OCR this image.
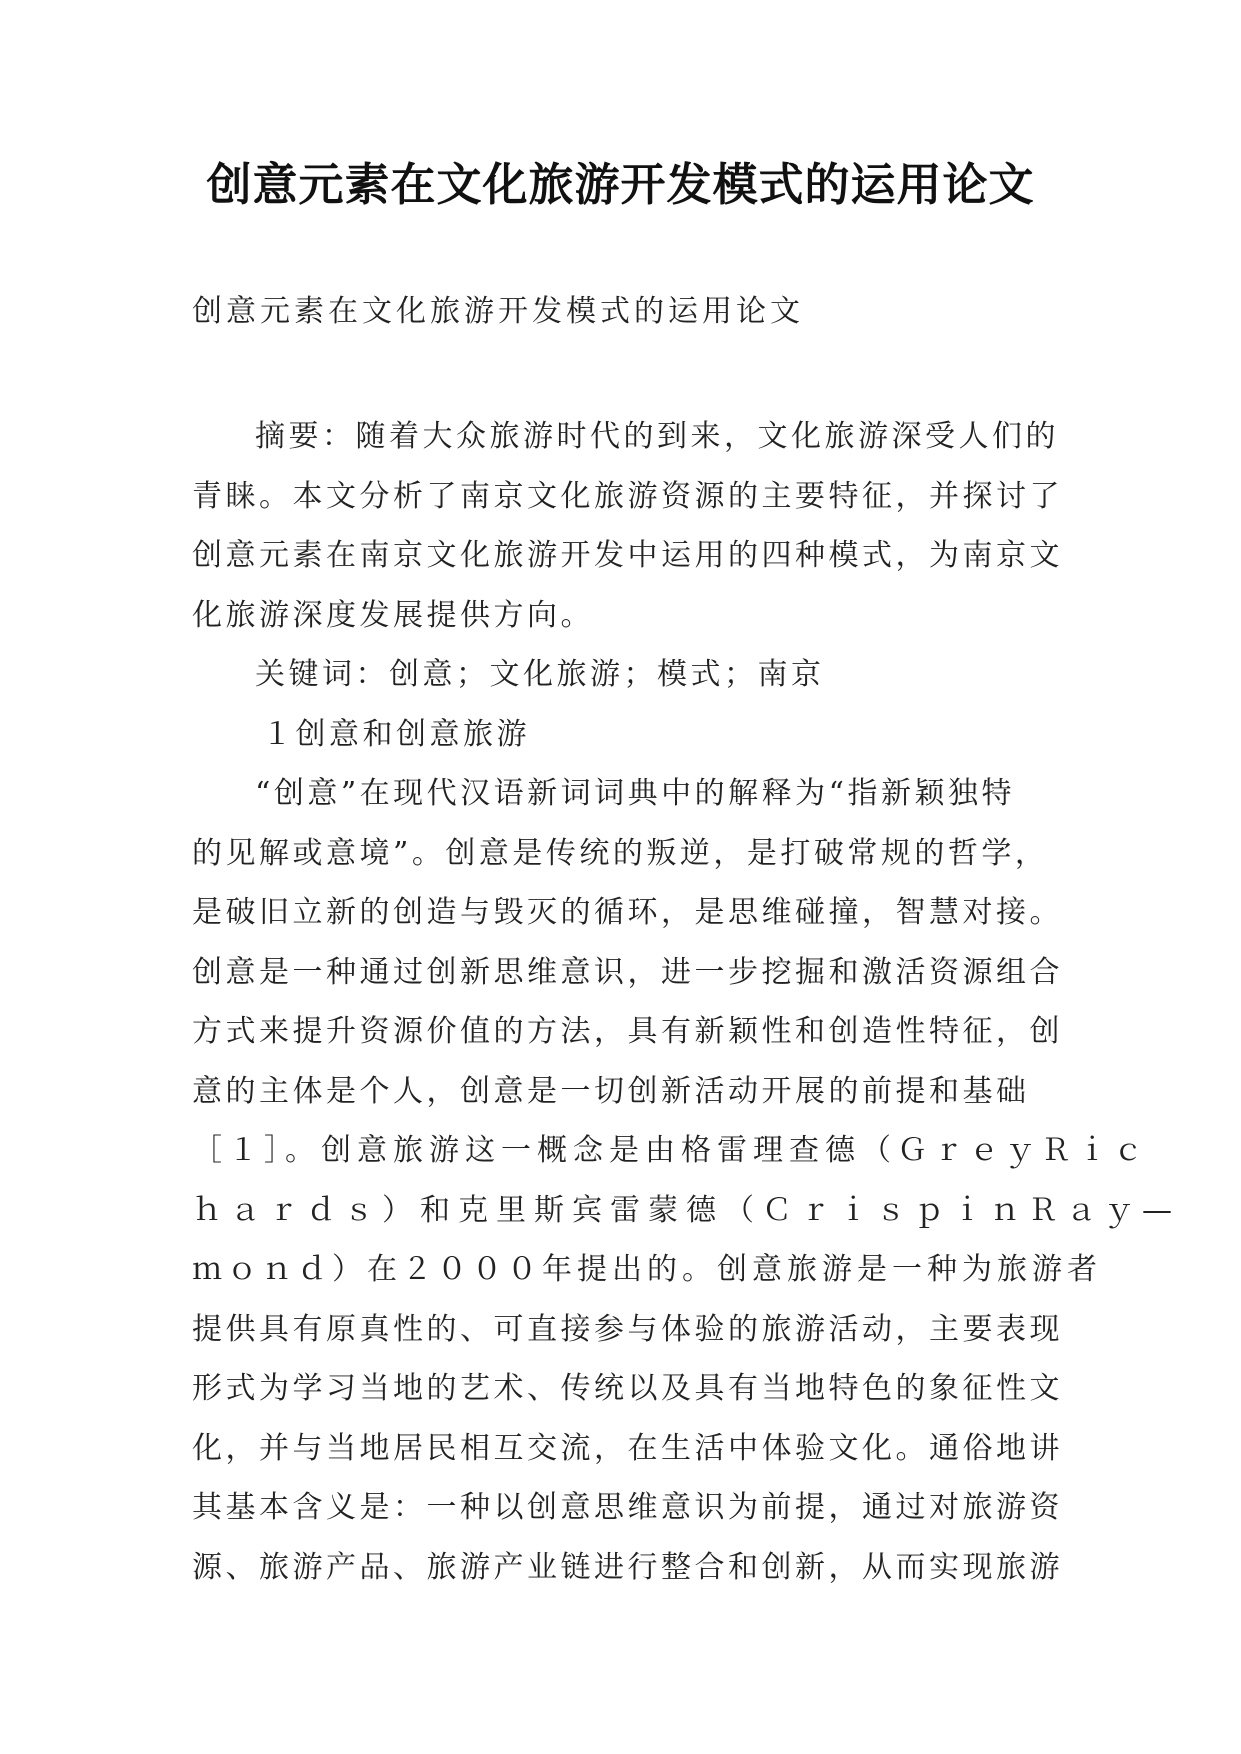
创意元素在文化旅游开发模式的运用论文
创意元素在文化旅游开发模式的运用论文
摘要：随着大众旅游时代的到来，文化旅游深受人们的
青睐。本文分析了南京文化旅游资源的主要特征，并探讨了
创意元素在南京文化旅游开发中运用的四种模式，为南京文
化旅游深度发展提供方向。
关键词：创意；文化旅游；模式；南京
１创意和创意旅游
“创意”在现代汉语新词词典中的解释为“指新颖独特
的见解或意境”。创意是传统的叛逆，是打破常规的哲学，
是破旧立新的创造与毁灭的循环，是思维碰撞，智慧对接。
创意是一种通过创新思维意识，进一步挖掘和激活资源组合
方式来提升资源价值的方法，具有新颖性和创造性特征，创
意的主体是个人，创意是一切创新活动开展的前提和基础
［１］。创意旅游这一概念是由格雷理查德（ＧｒｅｙＲｉｃ
ｈａｒｄｓ）和克里斯宾雷蒙德（ＣｒｉｓｐｉｎＲａｙ—
ｍｏｎｄ）在２０００年提出的。创意旅游是一种为旅游者
提供具有原真性的、可直接参与体验的旅游活动，主要表现
形式为学习当地的艺术、传统以及具有当地特色的象征性文
化，并与当地居民相互交流，在生活中体验文化。通俗地讲
其基本含义是：一种以创意思维意识为前提，通过对旅游资
源、旅游产品、旅游产业链进行整合和创新，从而实现旅游
